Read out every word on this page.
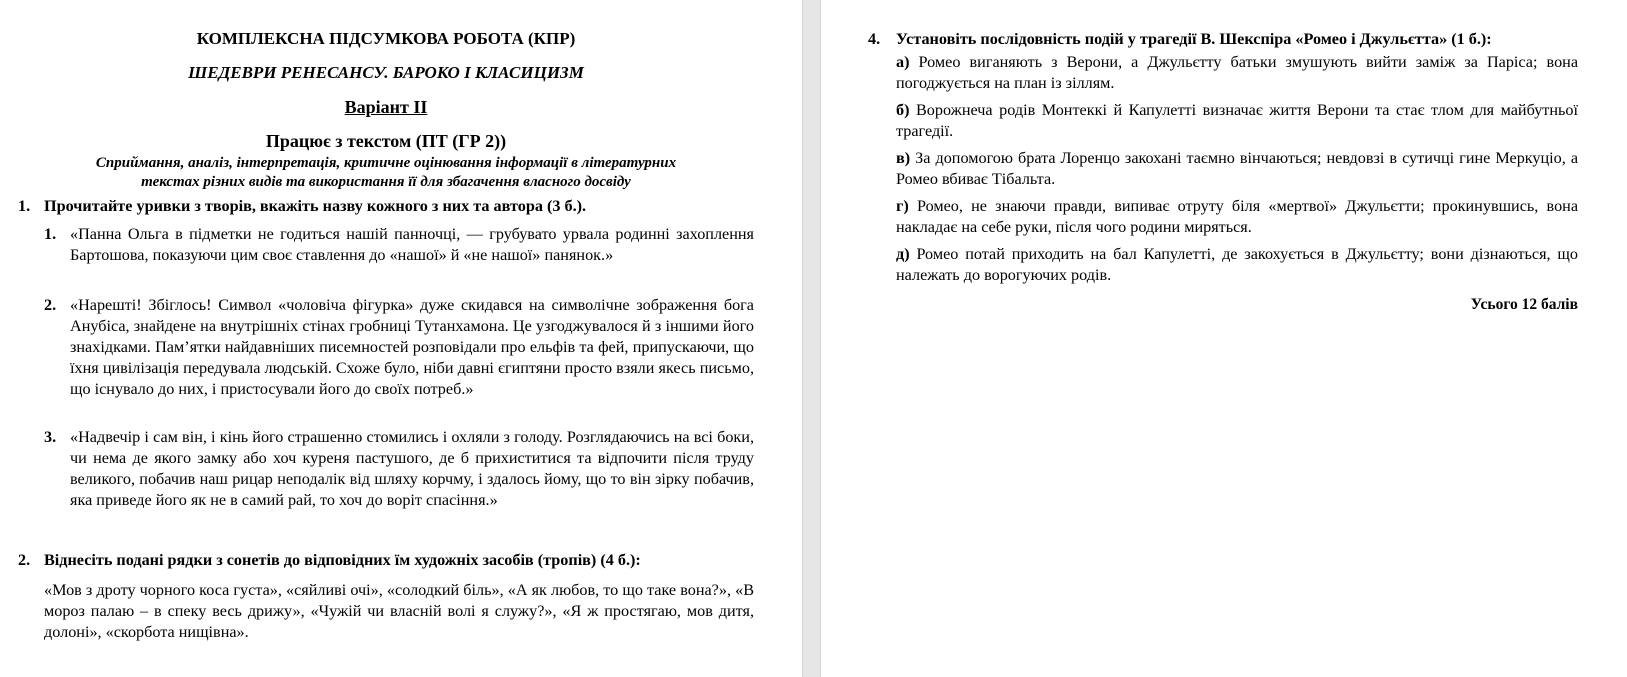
КОМПЛЕКСНА ПІДСУМКОВА РОБОТА (КПР)
ШЕДЕВРИ РЕНЕСАНСУ. БАРОКО І КЛАСИЦИЗМ
Варіант ІІ
Працює з текстом (ПТ (ГР 2))
Сприймання, аналіз, інтерпретація, критичне оцінювання інформації в літературних
текстах різних видів та використання її для збагачення власного досвіду
1. Прочитайте уривки з творів, вкажіть назву кожного з них та автора (3 б.).
1. «Панна Ольга в підметки не годиться нашій панночці, — грубувато урвала родинні захоплення Бартошова, показуючи цим своє ставлення до «нашої» й «не нашої» панянок.»
2. «Нарешті! Збіглось! Символ «чоловіча фігурка» дуже скидався на символічне зображення бога Анубіса, знайдене на внутрішніх стінах гробниці Тутанхамона. Це узгоджувалося й з іншими його знахідками. Пам’ятки найдавніших писемностей розповідали про ельфів та фей, припускаючи, що їхня цивілізація передувала людській. Схоже було, ніби давні єгиптяни просто взяли якесь письмо, що існувало до них, і пристосували його до своїх потреб.»
3. «Надвечір і сам він, і кінь його страшенно стомились і охляли з голоду. Розглядаючись на всі боки, чи нема де якого замку або хоч куреня пастушого, де б прихиститися та відпочити після труду великого, побачив наш рицар неподалік від шляху корчму, і здалось йому, що то він зірку побачив, яка приведе його як не в самий рай, то хоч до воріт спасіння.»
2. Віднесіть подані рядки з сонетів до відповідних їм художніх засобів (тропів) (4 б.):
«Мов з дроту чорного коса густа», «сяйливі очі», «солодкий біль», «А як любов, то що таке вона?», «В мороз палаю – в спеку весь дрижу», «Чужій чи власній волі я служу?», «Я ж простягаю, мов дитя, долоні», «скорбота нищівна».
4. Установіть послідовність подій у трагедії В. Шекспіра «Ромео і Джульєтта» (1 б.):
а) Ромео виганяють з Верони, а Джульєтту батьки змушують вийти заміж за Паріса; вона погоджується на план із зіллям.
б) Ворожнеча родів Монтеккі й Капулетті визначає життя Верони та стає тлом для майбутньої трагедії.
в) За допомогою брата Лоренцо закохані таємно вінчаються; невдовзі в сутичці гине Меркуціо, а Ромео вбиває Тібальта.
г) Ромео, не знаючи правди, випиває отруту біля «мертвої» Джульєтти; прокинувшись, вона накладає на себе руки, після чого родини миряться.
д) Ромео потай приходить на бал Капулетті, де закохується в Джульєтту; вони дізнаються, що належать до ворогуючих родів.
Усього 12 балів
